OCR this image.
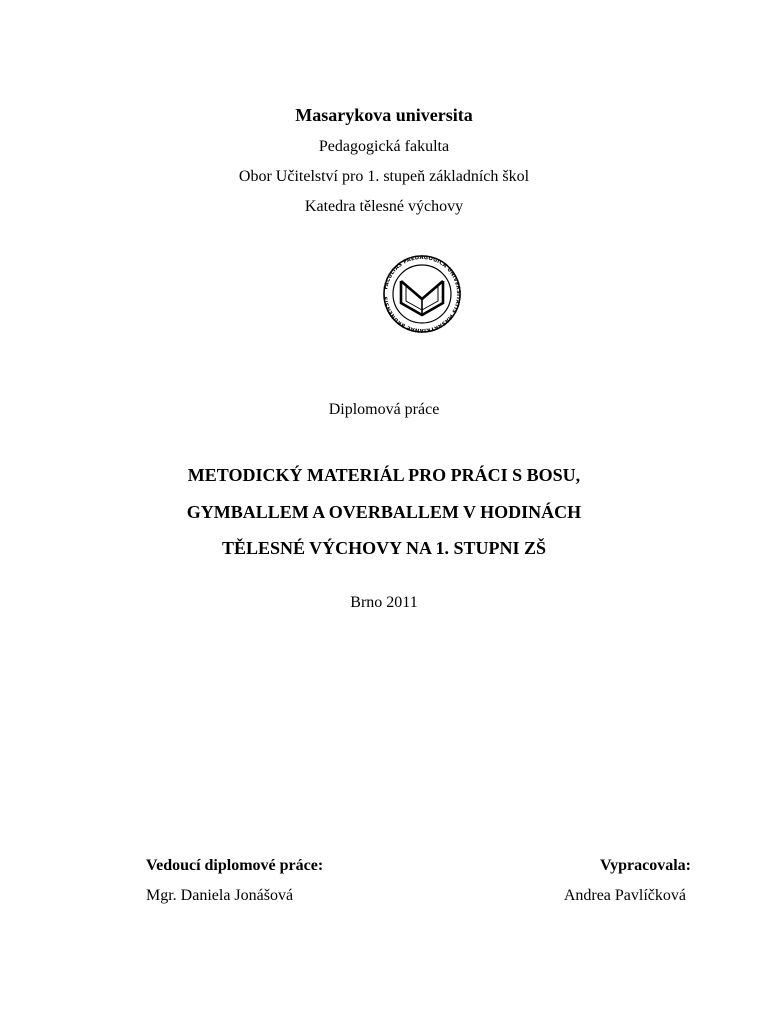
Masarykova universita
Pedagogická fakulta
Obor Učitelství pro 1. stupeň základních škol
Katedra tělesné výchovy
FACULTAS PAEDAGOGICA UNIVERSITATIS MASARYKIANAE BRUNENSIS
Diplomová práce
METODICKÝ MATERIÁL PRO PRÁCI S BOSU,
GYMBALLEM A OVERBALLEM V HODINÁCH
TĚLESNÉ VÝCHOVY NA 1. STUPNI ZŠ
Brno 2011
Vedoucí diplomové práce:
Mgr. Daniela Jonášová
Vypracovala:
Andrea Pavlíčková
